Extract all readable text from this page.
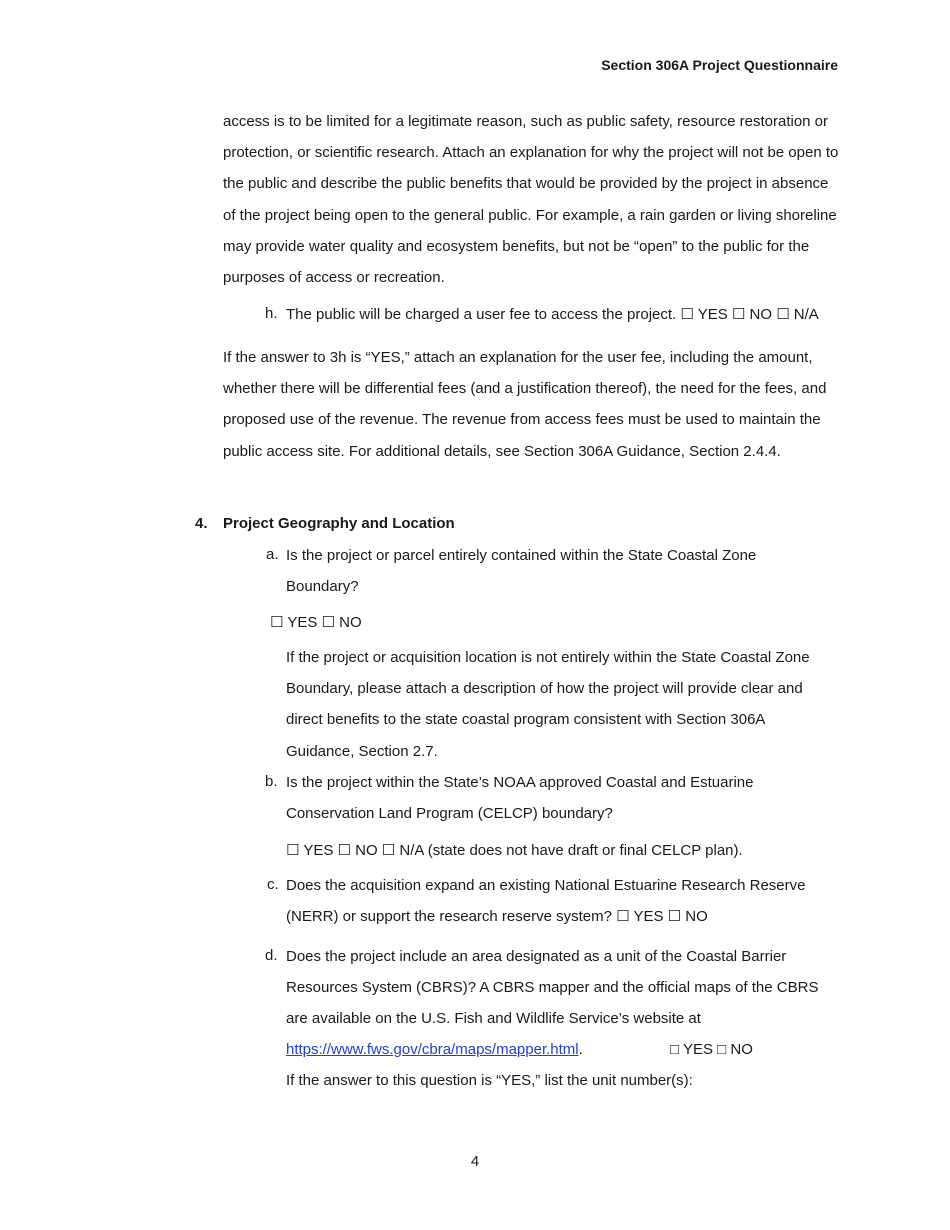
Section 306A Project Questionnaire
access is to be limited for a legitimate reason, such as public safety, resource restoration or protection, or scientific research. Attach an explanation for why the project will not be open to the public and describe the public benefits that would be provided by the project in absence of the project being open to the general public. For example, a rain garden or living shoreline may provide water quality and ecosystem benefits, but not be “open” to the public for the purposes of access or recreation.
h. The public will be charged a user fee to access the project. ☐ YES ☐ NO ☐ N/A
If the answer to 3h is “YES,” attach an explanation for the user fee, including the amount, whether there will be differential fees (and a justification thereof), the need for the fees, and proposed use of the revenue. The revenue from access fees must be used to maintain the public access site. For additional details, see Section 306A Guidance, Section 2.4.4.
4. Project Geography and Location
a. Is the project or parcel entirely contained within the State Coastal Zone Boundary?
☐ YES ☐ NO
If the project or acquisition location is not entirely within the State Coastal Zone Boundary, please attach a description of how the project will provide clear and direct benefits to the state coastal program consistent with Section 306A Guidance, Section 2.7.
b. Is the project within the State’s NOAA approved Coastal and Estuarine Conservation Land Program (CELCP) boundary?
☐ YES ☐ NO ☐ N/A (state does not have draft or final CELCP plan).
c. Does the acquisition expand an existing National Estuarine Research Reserve (NERR) or support the research reserve system? ☐ YES ☐ NO
d. Does the project include an area designated as a unit of the Coastal Barrier Resources System (CBRS)? A CBRS mapper and the official maps of the CBRS are available on the U.S. Fish and Wildlife Service’s website at
https://www.fws.gov/cbra/maps/mapper.html.	□ YES □ NO
If the answer to this question is “YES,” list the unit number(s):
4
